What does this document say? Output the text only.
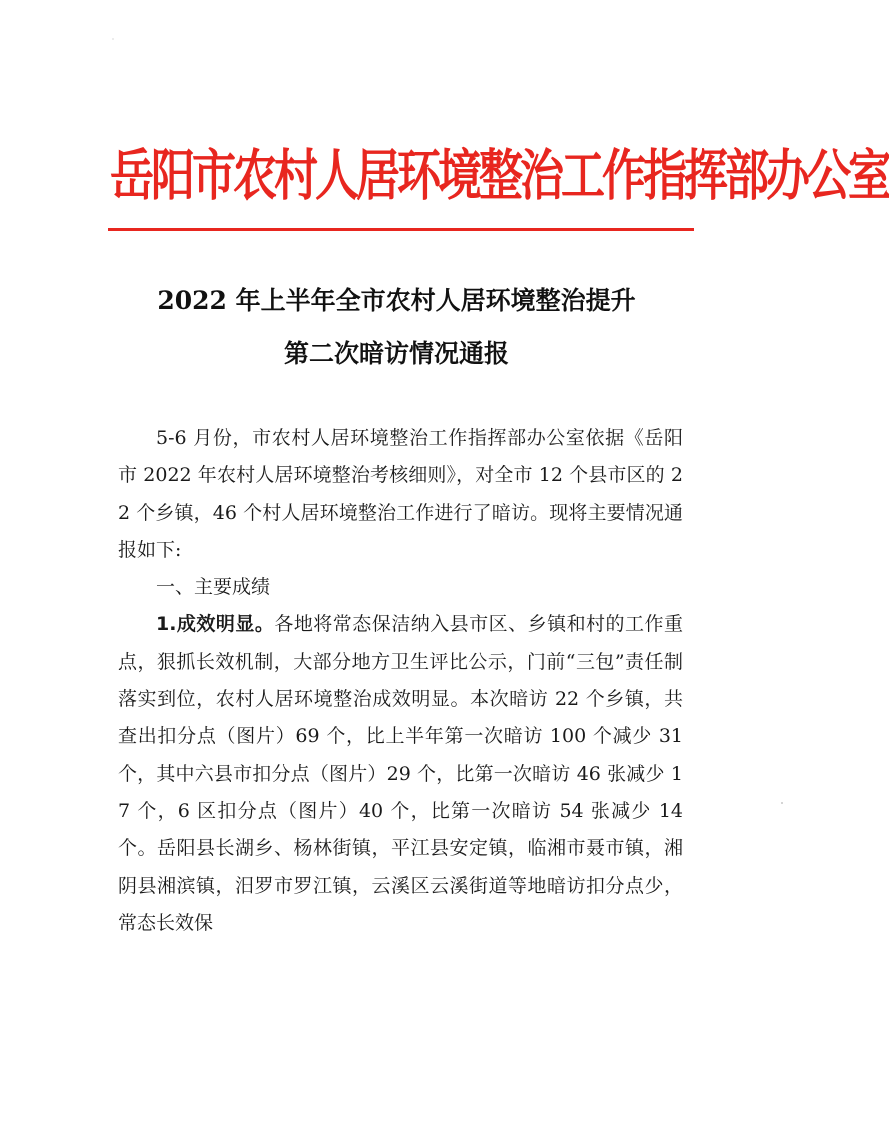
岳阳市农村人居环境整治工作指挥部办公室
2022 年上半年全市农村人居环境整治提升
第二次暗访情况通报

5-6 月份，市农村人居环境整治工作指挥部办公室依据《岳阳市 2022 年农村人居环境整治考核细则》，对全市 12 个县市区的 22 个乡镇，46 个村人居环境整治工作进行了暗访。现将主要情况通报如下:

一、主要成绩

1.成效明显。各地将常态保洁纳入县市区、乡镇和村的工作重点，狠抓长效机制，大部分地方卫生评比公示，门前“三包”责任制落实到位，农村人居环境整治成效明显。本次暗访 22 个乡镇，共查出扣分点（图片）69 个，比上半年第一次暗访 100 个减少 31 个，其中六县市扣分点（图片）29 个，比第一次暗访 46 张减少 17 个，6 区扣分点（图片）40 个，比第一次暗访 54 张减少 14 个。岳阳县长湖乡、杨林街镇，平江县安定镇，临湘市聂市镇，湘阴县湘滨镇，汨罗市罗江镇，云溪区云溪街道等地暗访扣分点少，常态长效保
